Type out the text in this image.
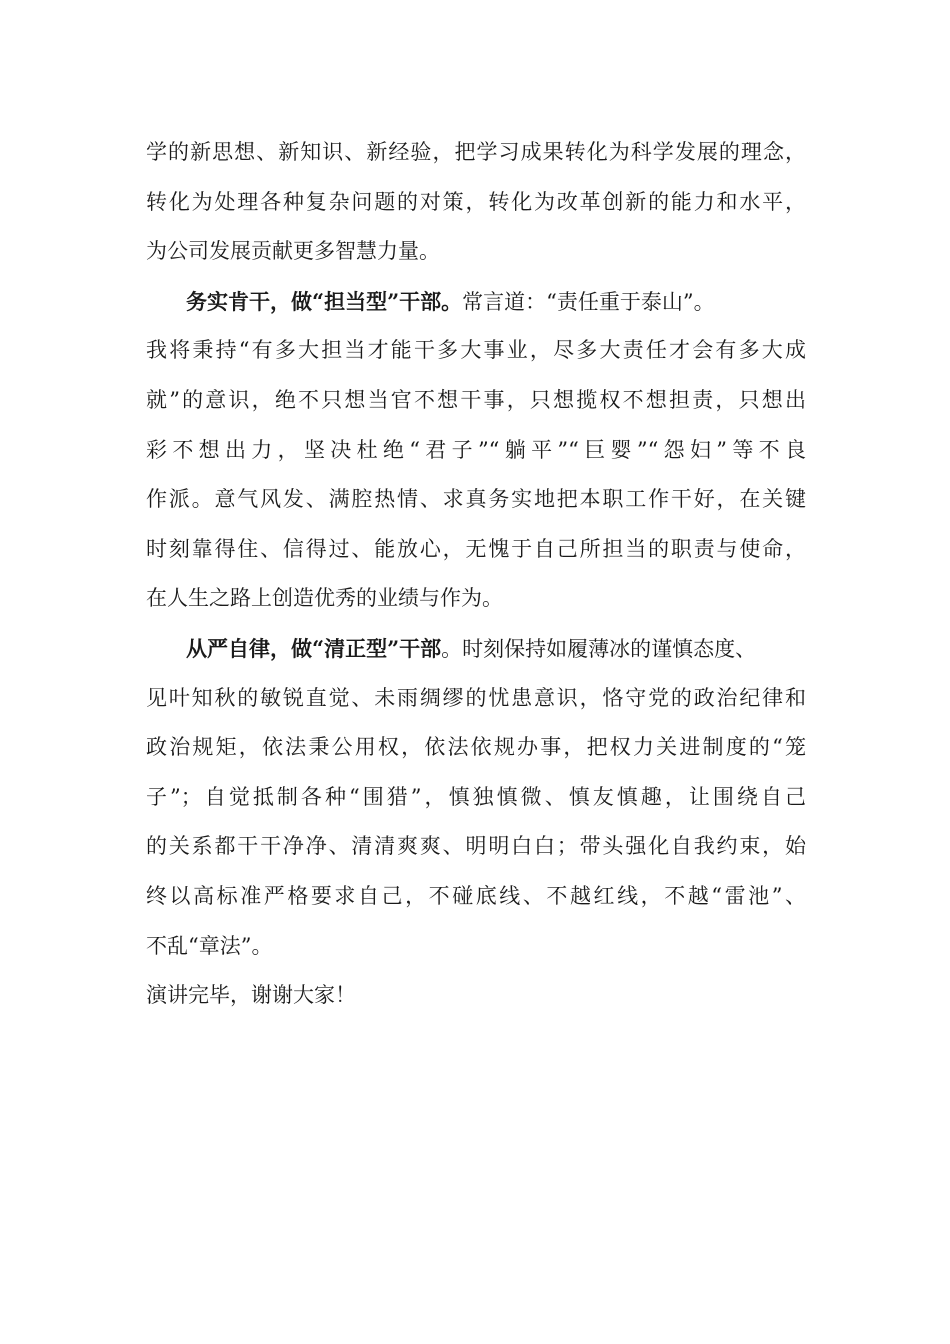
学的新思想、新知识、新经验，把学习成果转化为科学发展的理念，
转化为处理各种复杂问题的对策，转化为改革创新的能力和水平，
为公司发展贡献更多智慧力量。
务实肯干，做“担当型”干部。常言道：“责任重于泰山”。
我将秉持“有多大担当才能干多大事业，尽多大责任才会有多大成
就”的意识，绝不只想当官不想干事，只想揽权不想担责，只想出
彩不想出力，坚决杜绝“君子”“躺平”“巨婴”“怨妇”等不良
作派。意气风发、满腔热情、求真务实地把本职工作干好，在关键
时刻靠得住、信得过、能放心，无愧于自己所担当的职责与使命，
在人生之路上创造优秀的业绩与作为。
从严自律，做“清正型”干部。时刻保持如履薄冰的谨慎态度、
见叶知秋的敏锐直觉、未雨绸缪的忧患意识，恪守党的政治纪律和
政治规矩，依法秉公用权，依法依规办事，把权力关进制度的“笼
子”；自觉抵制各种“围猎”，慎独慎微、慎友慎趣，让围绕自己
的关系都干干净净、清清爽爽、明明白白；带头强化自我约束，始
终以高标准严格要求自己，不碰底线、不越红线，不越“雷池”、
不乱“章法”。
演讲完毕，谢谢大家！
